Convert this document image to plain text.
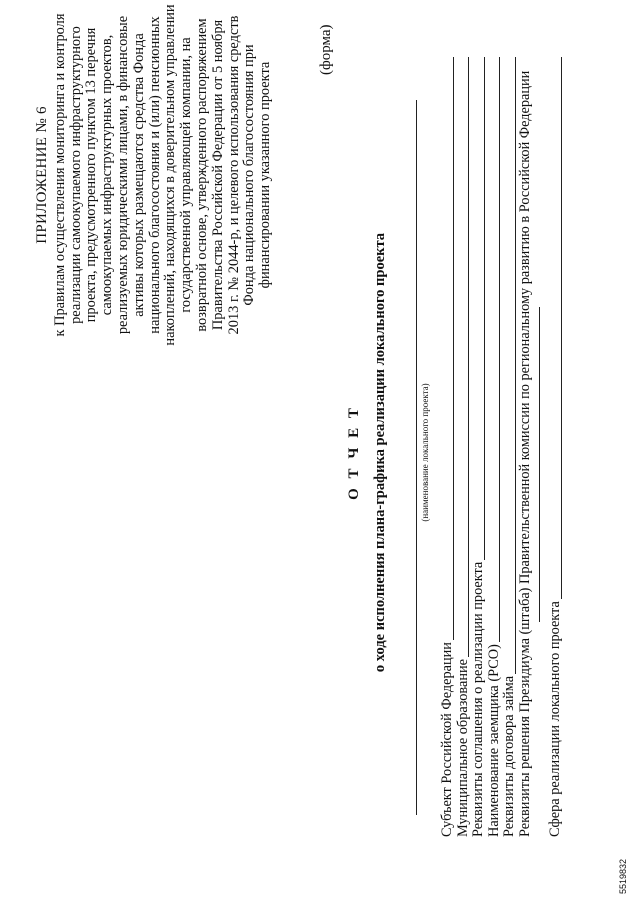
ПРИЛОЖЕНИЕ № 6 к Правилам осуществления мониторинга и контроля реализации самоокупаемого инфраструктурного проекта, предусмотренного пунктом 13 перечня самоокупаемых инфраструктурных проектов, реализуемых юридическими лицами, в финансовые активы которых размещаются средства Фонда национального благосостояния и (или) пенсионных накоплений, находящихся в доверительном управлении государственной управляющей компании, на возвратной основе, утвержденного распоряжением Правительства Российской Федерации от 5 ноября 2013 г. № 2044-р, и целевого использования средств Фонда национального благосостояния при финансировании указанного проекта
(форма)
О Т Ч Е Т о ходе исполнения плана-графика реализации локального проекта	(наименование локального проекта)
Субъект Российской Федерации Муниципальное образование Реквизиты соглашения о реализации проекта Наименование заемщика (РСО) Реквизиты договора займа Реквизиты решения Президиума (штаба) Правительственной комиссии по региональному развитию в Российской Федерации Сфера реализации локального проекта
5519832
